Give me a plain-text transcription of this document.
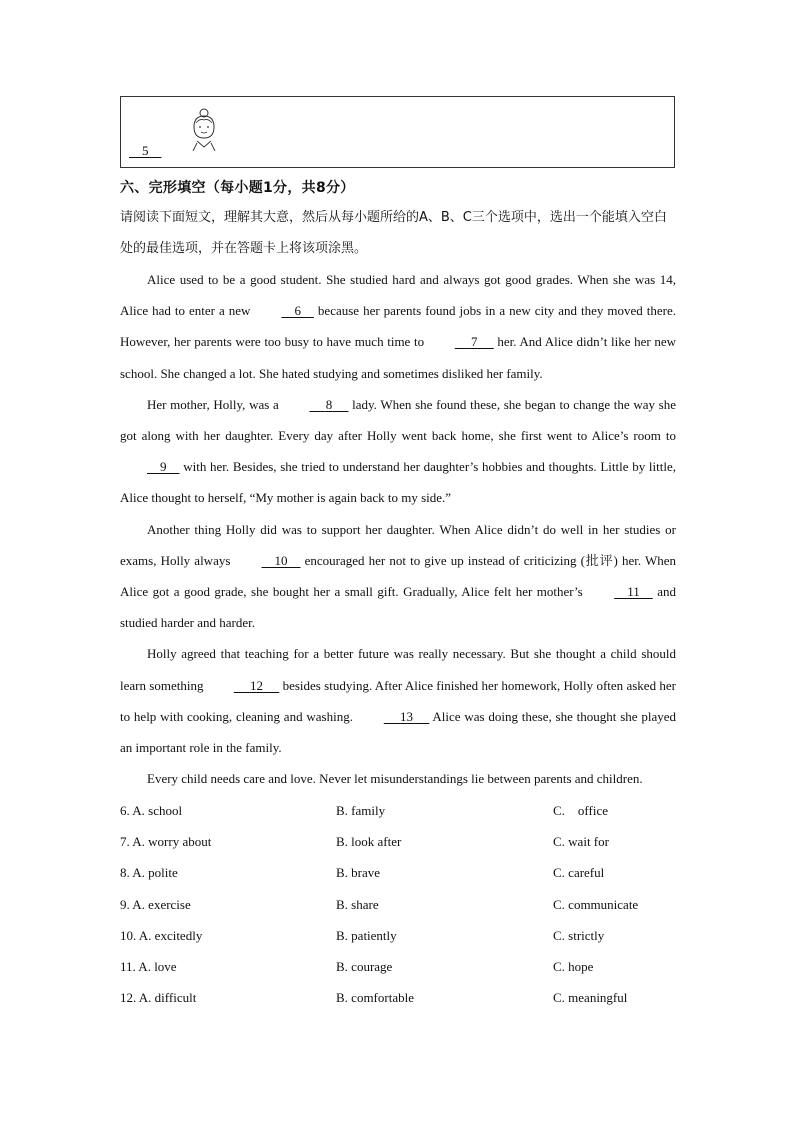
5
六、完形填空（每小题1分，共8分）
请阅读下面短文，理解其大意，然后从每小题所给的A、B、C三个选项中，选出一个能填入空白处的最佳选项，并在答题卡上将该项涂黑。

Alice used to be a good student. She studied hard and always got good grades. When she was 14, Alice had to enter a new	6     because her parents found jobs in a new city and they moved there. However, her parents were too busy to have much time to	7      her. And Alice didn’t like her new school. She changed a lot. She hated studying and sometimes disliked her family.

Her mother, Holly, was a	8      lady. When she found these, she began to change the way she got along with her daughter. Every day after Holly went back home, she first went to Alice’s room to     9     with her. Besides, she tried to understand her daughter’s hobbies and thoughts. Little by little, Alice thought to herself, “My mother is again back to my side.”

Another thing Holly did was to support her daughter. When Alice didn’t do well in her studies or exams, Holly always	10     encouraged her not to give up instead of criticizing (批评) her. When Alice got a good grade, she bought her a small gift. Gradually, Alice felt her mother’s	11     and studied harder and harder.

Holly agreed that teaching for a better future was really necessary. But she thought a child should learn something	12      besides studying. After Alice finished her homework, Holly often asked her to help with cooking, cleaning and washing.	13      Alice was doing these, she thought she played an important role in the family.

Every child needs care and love. Never let misunderstandings lie between parents and children.

6. A. school	B. family	C.    office
7. A. worry about	B. look after	C. wait for
8. A. polite	B. brave	C. careful
9. A. exercise	B. share	C. communicate
10. A. excitedly	B. patiently	C. strictly
11. A. love	B. courage	C. hope
12. A. difficult	B. comfortable	C. meaningful
